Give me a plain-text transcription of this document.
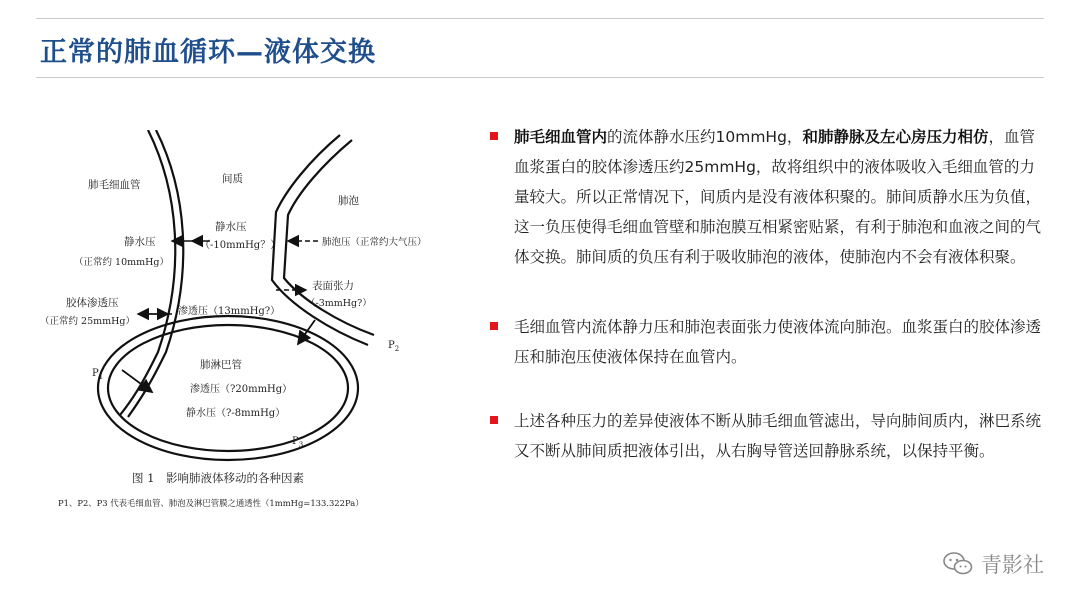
正常的肺血循环—液体交换
肺毛细血管	间质
肺泡
静水压
（正常约 10mmHg）
静水压
（-10mmHg？）	肺泡压（正常约大气压）
胶体渗透压
（正常约 25mmHg）
渗透压（13mmHg?）
表面张力
（-3mmHg?）
肺淋巴管
渗透压（?20mmHg）
静水压（?-8mmHg）
$P_1$
$P_2$
$P_3$
图 1　影响肺液体移动的各种因素
P1、P2、P3 代表毛细血管、肺泡及淋巴管膜之通透性（1mmHg=133.322Pa）

肺毛细血管内的流体静水压约10mmHg，和肺静脉及左心房压力相仿，血管血浆蛋白的胶体渗透压约25mmHg，故将组织中的液体吸收入毛细血管的力量较大。所以正常情况下，间质内是没有液体积聚的。肺间质静水压为负值，这一负压使得毛细血管壁和肺泡膜互相紧密贴紧，有利于肺泡和血液之间的气体交换。肺间质的负压有利于吸收肺泡的液体，使肺泡内不会有液体积聚。

毛细血管内流体静力压和肺泡表面张力使液体流向肺泡。血浆蛋白的胶体渗透压和肺泡压使液体保持在血管内。

上述各种压力的差异使液体不断从肺毛细血管滤出，导向肺间质内，淋巴系统又不断从肺间质把液体引出，从右胸导管送回静脉系统，以保持平衡。

青影社
